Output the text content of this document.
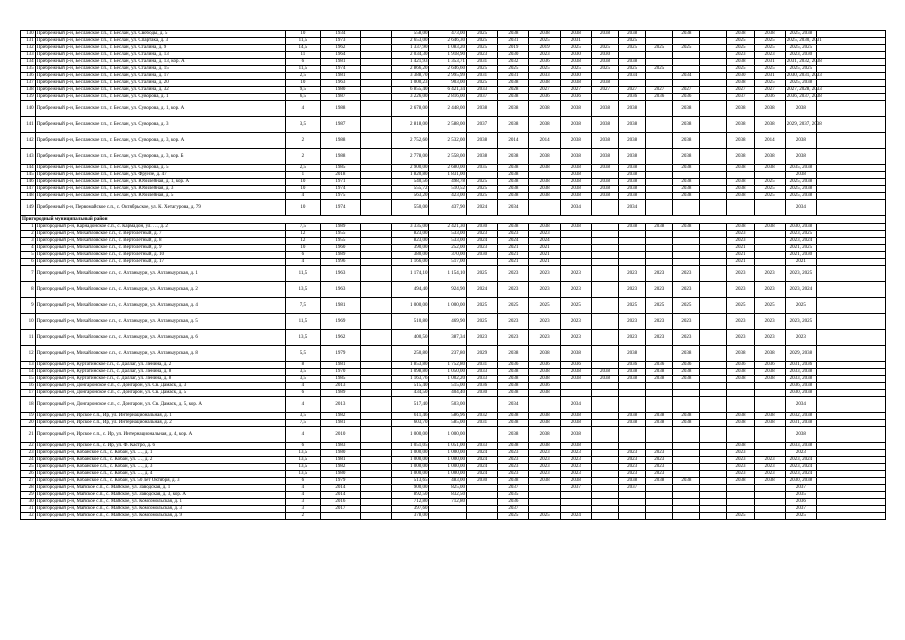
130	Прибрежный р-н, Бесланское г.п., г. Беслан, ул. Свободы, д. 5	10	1934		558,00	473,00	2025	2038	2038	2038	2038	2038		2038		2038	2038	2025, 2038	
131	Прибрежный р-н, Бесланское г.п., г. Беслан, ул. Спартака, д. 3	11,5	1973		2 653,00	2 646,30	2025	2031	2025	2031		2025				2025	2025	2025, 2030, 2031	
132	Прибрежный р-н, Бесланское г.п., г. Беслан, ул. Сталина, д. 9	14,5	1962		1 337,90	1 083,20	2025	2019	2019	2025	2025	2025	2025	2025		2025	2025	2025, 2025	
133	Прибрежный р-н, Бесланское г.п., г. Беслан, ул. Сталина, д. 13	11	1964		2 034,30	1 918,90	2023	2030	2023	2030	2030					2023	2023	2023, 2030	
134	Прибрежный р-н, Бесланское г.п., г. Беслан, ул. Сталина, д. 13, кор. А	6	1981		1 421,93	1 353,71	2031	2032	2036	2038	2038	2038				2038	2031	2031, 2032, 2038	
135	Прибрежный р-н, Бесланское г.п., г. Беслан, ул. Сталина, д. 15	11,5	1974		2 866,20	2 646,60	2025	2025	2025	2025	2025	2025	2025			2025	2025	2025, 2025	
136	Прибрежный р-н, Бесланское г.п., г. Беслан, ул. Сталина, д. 17	2,5	1981		3 388,70	2 995,99	2031	2031	2033	2030		2034		2034		2030	2031	2030, 2031, 2033	
137	Прибрежный р-н, Бесланское г.п., г. Беслан, ул. Сталина, д. 20	10	1963		1 000,23	903,00	2025	2038	2038	2038	2038					2038	2025	2025, 2038	
138	Прибрежный р-н, Бесланское г.п., г. Беслан, ул. Сталина, д. 32	9,5	1980		6 855,40	6 421,34	2033	2028	2027	2027	2027	2027	2027	2027		2027	2027	2027, 2028, 2033	
139	Прибрежный р-н, Бесланское г.п., г. Беслан, ул. Суворова, д. 1	6,5	1987		3 226,00	2 816,00	2037	2038	2036	2036		2036	2036	2036		2037	2036	2036, 2037, 2038	
140	Прибрежный р-н, Бесланское г.п., г. Беслан, ул. Суворова, д. 1, кор. А	4	1988		2 678,00	2 448,00	2038	2038	2038	2038	2038	2038		2038		2038	2038	2038	
141	Прибрежный р-н, Бесланское г.п., г. Беслан, ул. Суворова, д. 3	3,5	1987		2 818,00	2 588,00	2037	2038	2038	2038	2038	2038		2038		2038	2038	2029, 2037, 2038	
142	Прибрежный р-н, Бесланское г.п., г. Беслан, ул. Суворова, д. 3, кор. А	2	1988		2 752,60	2 532,00	2038	2014	2014	2038	2038	2038		2038		2038	2014	2038	
143	Прибрежный р-н, Бесланское г.п., г. Беслан, ул. Суворова, д. 3, кор. Б	2	1988		2 778,00	2 558,00	2038	2038	2038	2038	2038	2038		2038		2038	2038	2038	
144	Прибрежный р-н, Бесланское г.п., г. Беслан, ул. Суворова, д. 5	2,5	1985		2 900,00	2 680,00	2035	2038	2038	2038	2038	2038		2038		2038	2038	2035, 2038	
145	Прибрежный р-н, Бесланское г.п., г. Беслан, ул. Фрунзе, д. 47	1	2018		1 820,80	1 831,00		2038		2038		2038						2038	
146	Прибрежный р-н, Бесланское г.п., г. Беслан, ул. Юбилейная, д. 1, кор. А	10	1971		540,56	498,78	2025	2038	2038	2038	2038	2038		2038		2038	2025	2025, 2038	
147	Прибрежный р-н, Бесланское г.п., г. Беслан, ул. Юбилейная, д. 3	10	1974		555,72	510,52	2025	2038	2038	2038	2038	2038		2038		2038	2025	2025, 2038	
148	Прибрежный р-н, Бесланское г.п., г. Беслан, ул. Юбилейная, д. 5	4	1975		563,20	423,00	2025	2038	2038	2038	2038	2038		2038		2038	2025	2025, 2038	
149	Прибрежный р-н, Первомайское с.п., с. Октябрьское, ул. К. Хетагурова, д. 79	10	1974		550,00	437,90	2024	2034		2034		2034						2034	
Пригородный муниципальный район																			
1	Пригородный р-н, Карнадонское с.п., с. Кармадон, ул. …, д. 2	7,5	1989		3 335,00	2 421,30	2030	2038	2038	2038		2038	2038	2038		2038	2038	2030, 2038	
2	Пригородный р-н, Михайловское с.п., с. Вертолетный, д. 7	12	1955		823,00	533,00	2023	2023	2023							2023		2023, 2025	
3	Пригородный р-н, Михайловское с.п., с. Вертолетный, д. 8	12	1955		823,00	533,00	2024	2024	2024							2023		2023, 2024	
4	Пригородный р-н, Михайловское с.п., с. Вертолетный, д. 9	10	1960		390,00	252,00	2023	2021	2021							2021		2021, 2025	
5	Пригородный р-н, Михайловское с.п., с. Вертолетный, д. 10	6	1989		380,00	370,00	2030	2021	2021							2021		2021, 2030	
6	Пригородный р-н, Михайловское с.п., с. Вертолетный, д. 17	4	1996		1 166,00	517,00		2021	2021							2021		2021	
7	Пригородный р-н, Михайловское с.п., с. Ахтаныури, ул. Ахтаныурская, д. 1	11,5	1963		1 174,10	1 154,10	2025	2023	2023	2023		2023	2023	2023		2023	2023	2023, 2025	
8	Пригородный р-н, Михайловское с.п., с. Ахтаныури, ул. Ахтаныурская, д. 2	13,5	1963		494,40	924,90	2024	2023	2023	2023		2023	2023	2023		2023	2023	2023, 2024	
9	Пригородный р-н, Михайловское с.п., с. Ахтаныури, ул. Ахтаныурская, д. 4	7,5	1981		1 000,00	1 000,00	2025	2025	2025	2025		2025	2025	2025		2025	2025	2025	
10	Пригородный р-н, Михайловское с.п., с. Ахтаныури, ул. Ахтаныурская, д. 5	11,5	1969		510,80	469,90	2025	2023	2023	2023		2023	2023	2023		2023	2023	2023, 2025	
11	Пригородный р-н, Михайловское с.п., с. Ахтаныури, ул. Ахтаныурская, д. 6	13,5	1962		400,50	387,34	2023	2023	2023	2023		2023	2023	2023		2023	2023	2023	
12	Пригородный р-н, Михайловское с.п., с. Ахтаныури, ул. Ахтаныурская, д. 8	5,5	1979		250,80	237,80	2029	2038	2038	2038		2038		2038		2038	2038	2029, 2038	
13	Пригородный р-н, Куртатинское с.п., с. Даллаг, ул. Ленина, д. 2	8	1981		1 853,80	1 752,80	2031	2036	2036	2036		2036	2036	2036		2036	2036	2031, 2036	
14	Пригородный р-н, Куртатинское с.п., с. Даллаг, ул. Ленина, д. 8	3,5	1970		1 098,80	1 050,00	2033	2038	2038	2038	2038	2038	2038	2038		2038	2038	2033, 2038	
15	Пригородный р-н, Куртатинское с.п., с. Даллаг, ул. Ленина, д. 8	3,5	1985		1 163,76	1 002,20	2033	2038	2038	2038	2038	2038	2038	2038		2038	2038	2033, 2038	
16	Пригородный р-н, Донгаронское с.п., с. Донгарон, ул. Св. Дамаск, д. 3	4	2013		515,40	515,00	2036	2038	2036									2036, 2038	
17	Пригородный р-н, Донгаронское с.п., с. Донгарон, ул. Св. Дамаск, д. 5	6	1989		434,50	404,40	2030	2038	2038									2030, 2038	
18	Пригородный р-н, Донгаронское с.п., с. Донгарон, ул. Св. Дамаск, д. 5, кор. А	4	2013		517,40	503,00		2034		2034								2034	
19	Пригородный р-н, Ирское с.п., Ир, ул. Интернациональная, д. 1	3,5	1982		611,46	586,96	2032	2038	2038	2038		2038	2038	2038		2038	2038	2032, 2038	
20	Пригородный р-н, Ирское с.п., Ир, ул. Интернациональная, д. 2	7,5	1981		603,70	585,00	2031	2038	2038	2038		2038	2038	2038		2038	2038	2031, 2038	
21	Пригородный р-н, Ирское с.п., с. Ир, ул. Интернациональная, д. 4, кор. А	4	2010		1 000,00	1 000,00		2038	2038	2038								2038	
22	Пригородный р-н, Ирское с.п., с. Ир, ул. Ф. Кастро, д. 6	6	1983		1 051,05	1 051,00	2033	2038	2038	2038						2038		2033, 2038	
23	Пригородный р-н, Кобанское с.п., с. Кобан, ул. …, д. 1	13,5	1980		1 000,00	1 000,00	2024	2023	2023	2023		2023	2023			2023		2023	
24	Пригородный р-н, Кобанское с.п., с. Кобан, ул. …, д. 2	13,5	1981		1 000,00	1 000,00	2024	2023	2023	2023		2023	2023			2023	2023	2023, 2024	
25	Пригородный р-н, Кобанское с.п., с. Кобан, ул. …, д. 3	13,5	1982		1 000,00	1 000,00	2024	2023	2023	2023		2023	2023			2023	2023	2023, 2024	
26	Пригородный р-н, Кобанское с.п., с. Кобан, ул. …, д. 4	13,5	1980		1 000,00	1 000,00	2024	2023	2023	2023		2023	2023			2023	2023	2023, 2024	
27	Пригородный р-н, Кобанское с.п., с. Кобан, ул. 50 лет Октября, д. 3	6	1979		513,65	483,00	2030	2038	2038	2038		2038	2038	2038		2038	2038	2030, 2038	
28	Пригородный р-н, Майское с.п., с. Майское, ул. Заводская, д. 1	4	2014		900,00	825,00		2037		2037		2037						2037	
29	Пригородный р-н, Майское с.п., с. Майское, ул. Заводская, д. 3, кор. А	4	2014		892,50	832,50		2035										2035	
30	Пригородный р-н, Майское с.п., с. Майское, ул. Комсомольская, д. 1	3	2016		712,80	712,80		2036										2036	
31	Пригородный р-н, Майское с.п., с. Майское, ул. Комсомольская, д. 3	3	2017		397,60			2037										2037	
32	Пригородный р-н, Майское с.п., с. Майское, ул. Комсомольская, д. 9	2			378,00			2025	2025	2024						2025		2025	
